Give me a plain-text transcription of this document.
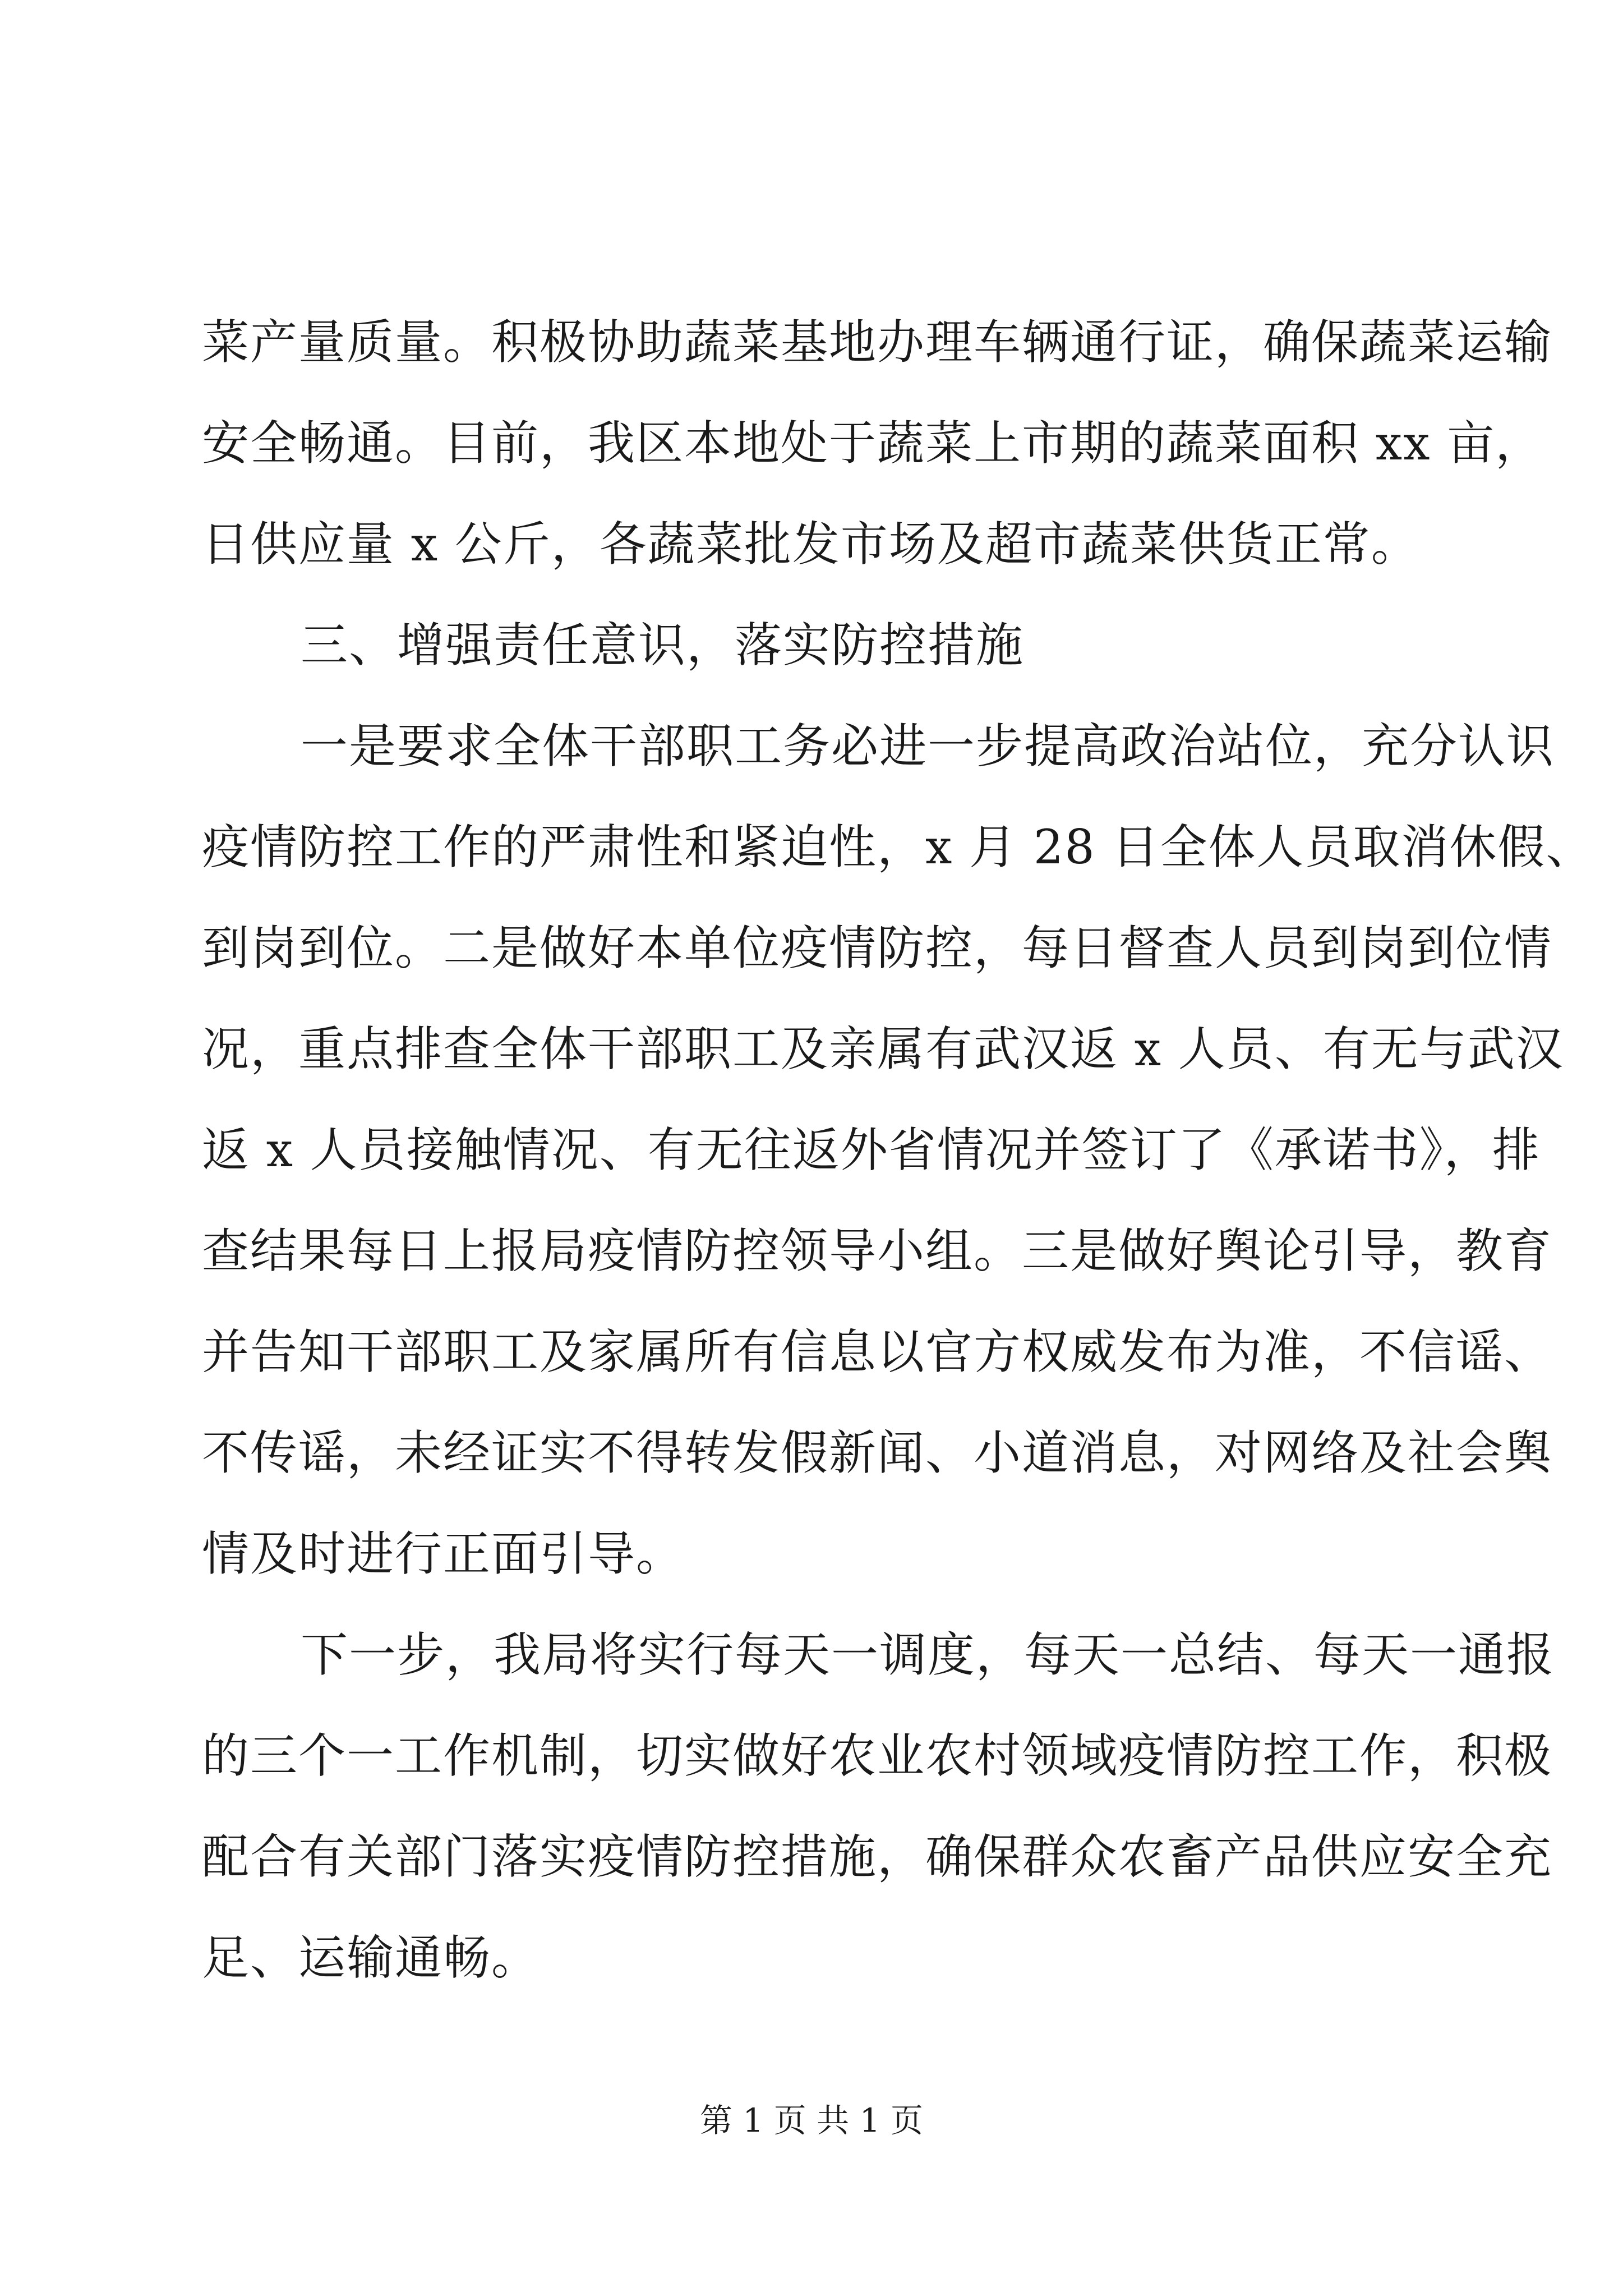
菜产量质量。积极协助蔬菜基地办理车辆通行证，确保蔬菜运输
安全畅通。目前，我区本地处于蔬菜上市期的蔬菜面积 xx 亩，
日供应量 x 公斤，各蔬菜批发市场及超市蔬菜供货正常。
三、增强责任意识，落实防控措施
一是要求全体干部职工务必进一步提高政治站位，充分认识
疫情防控工作的严肃性和紧迫性，x 月 28 日全体人员取消休假、
到岗到位。二是做好本单位疫情防控，每日督查人员到岗到位情
况，重点排查全体干部职工及亲属有武汉返 x 人员、有无与武汉
返 x 人员接触情况、有无往返外省情况并签订了《承诺书》，排
查结果每日上报局疫情防控领导小组。三是做好舆论引导，教育
并告知干部职工及家属所有信息以官方权威发布为准，不信谣、
不传谣，未经证实不得转发假新闻、小道消息，对网络及社会舆
情及时进行正面引导。
下一步，我局将实行每天一调度，每天一总结、每天一通报
的三个一工作机制，切实做好农业农村领域疫情防控工作，积极
配合有关部门落实疫情防控措施，确保群众农畜产品供应安全充
足、运输通畅。
第 1 页 共 1 页
